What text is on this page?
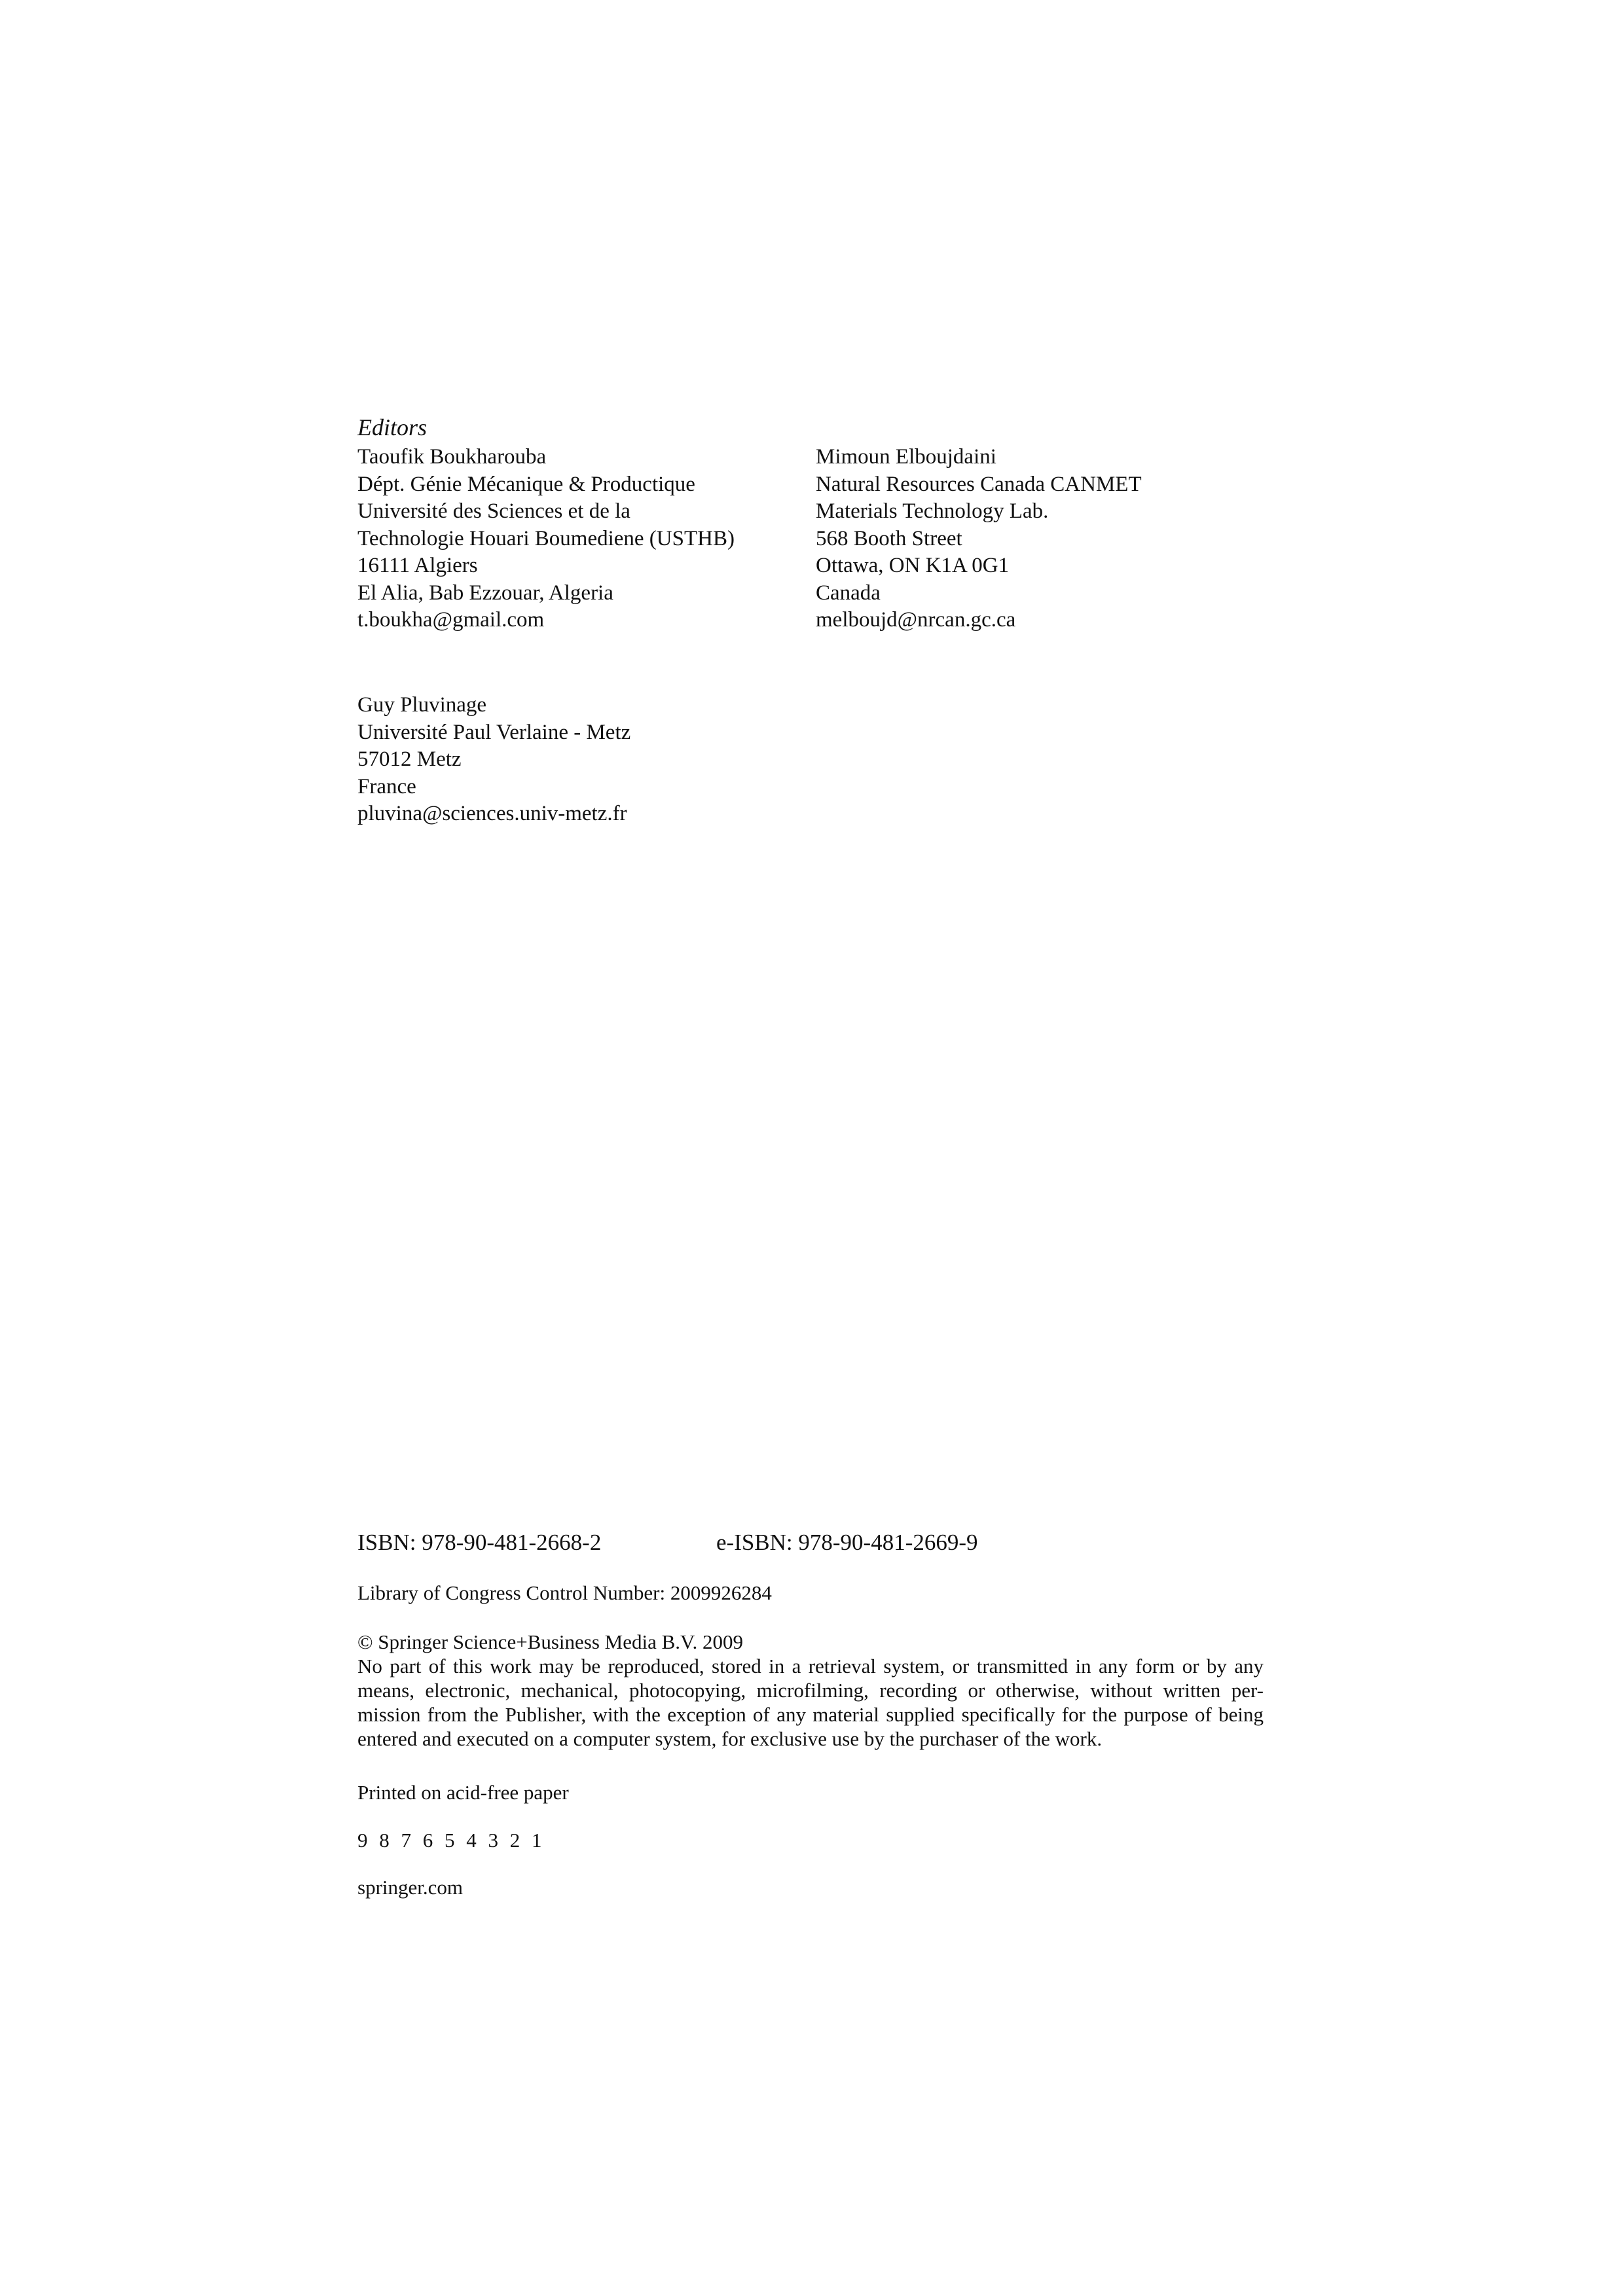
Editors
Taoufik Boukharouba
Dépt. Génie Mécanique & Productique
Université des Sciences et de la
Technologie Houari Boumediene (USTHB)
16111 Algiers
El Alia, Bab Ezzouar, Algeria
t.boukha@gmail.com
Mimoun Elboujdaini
Natural Resources Canada CANMET
Materials Technology Lab.
568 Booth Street
Ottawa, ON K1A 0G1
Canada
melboujd@nrcan.gc.ca
Guy Pluvinage
Université Paul Verlaine - Metz
57012 Metz
France
pluvina@sciences.univ-metz.fr
ISBN: 978-90-481-2668-2	e-ISBN: 978-90-481-2669-9
Library of Congress Control Number: 2009926284
© Springer Science+Business Media B.V. 2009
No part of this work may be reproduced, stored in a retrieval system, or transmitted in any form or by any means, electronic, mechanical, photocopying, microfilming, recording or otherwise, without written per-mission from the Publisher, with the exception of any material supplied specifically for the purpose of being entered and executed on a computer system, for exclusive use by the purchaser of the work.
Printed on acid-free paper
9 8 7 6 5 4 3 2 1
springer.com
